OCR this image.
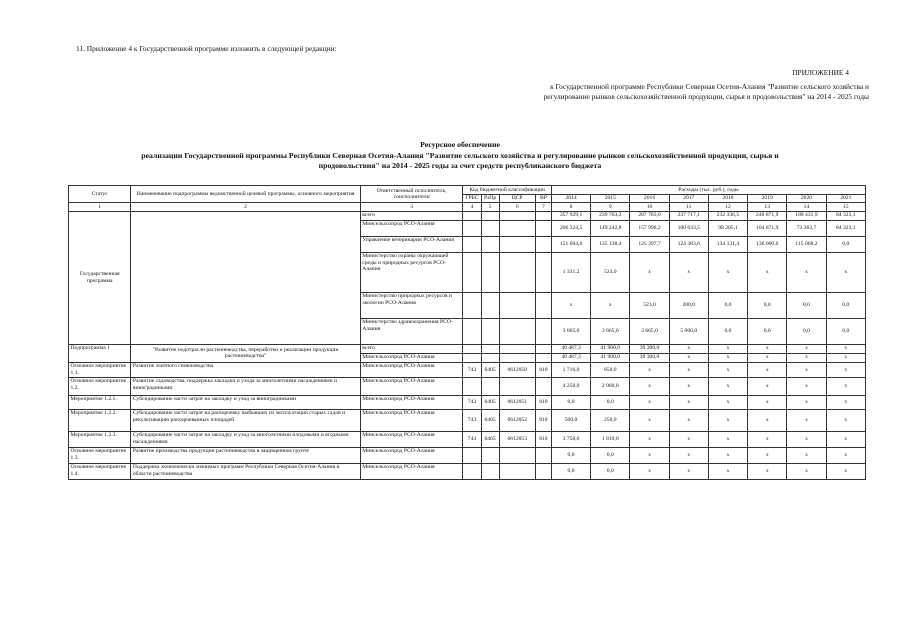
11. Приложение 4 к Государственной программе изложить в следующей редакции:
ПРИЛОЖЕНИЕ 4
к Государственной программе Республики Северная Осетия-Алания "Развитие сельского хозяйства и
регулирование рынков сельскохозяйственной продукции, сырья и продовольствия" на 2014 - 2025 годы
Ресурсное обеспечение
реализации Государственной программы Республики Северная Осетия-Алания "Развитие сельского хозяйства и регулирование рынков сельскохозяйственной продукции, сырья и
продовольствия" на 2014 - 2025 годы за счет средств республиканского бюджета
Статус	Наименование подпрограммы ведомственной целевой программы, основного мероприятия	Ответственный исполнитель, соисполнители	Код бюджетной классификации				Расходы (тыс. руб.), годы							
			ГРБС	РзПр	ЦСР	ВР	2014	2015	2016	2017	2018	2019	2020	2021
1	2	3	4	5	6	7	8	9	10	11	12	13	14	15
Государственная программа		всего					357 929,1	239 763,2	287 783,0	237 717,1	232 336,5	240 871,9	188 431,9	84 323,1
		Минсельхозпрод РСО-Алания					206 324,5	149 242,8	157 998,2	100 633,5	98 205,1	104 871,9	73 363,7	84 323,1
		Управление ветеринарии РСО-Алания					151 604,6	135 138,4	125 397,7	124 383,6	134 131,4	136 000,0	115 068,2	0,0
		Министерство охраны окружающей среды и природных ресурсов РСО-Алания					1 331,2	523,0	x	x	x	x	x	x
		Министерство природных ресурсов и экологии РСО-Алания					x	x	523,0	200,0	0,0	0,0	0,0	0,0
		Министерство здравоохранения РСО-Алания					3 665,0	3 665,0	3 665,0	5 000,0	0,0	0,0	0,0	0,0
Подпрограмма 1	"Развитие подотрасли растениеводства, переработки и реализации продукции растениеводства"	всего					40 487,3	41 900,0	39 300,0	x	x	x	x	x
		Минсельхозпрод РСО-Алания					40 487,3	41 900,0	39 300,0	x	x	x	x	x
Основное мероприятие 1.1.	Развитие элитного семеноводства	Минсельхозпрод РСО-Алания	743	0405	0612050	810	1 716,0	850,0	x	x	x	x	x	x
Основное мероприятие 1.2.	Развитие садоводства, поддержка закладки и ухода за многолетними насаждениями и виноградниками	Минсельхозпрод РСО-Алания					4 250,0	2 060,0	x	x	x	x	x	x
Мероприятие 1.2.1.	Субсидирование части затрат на закладку и уход за виноградниками	Минсельхозпрод РСО-Алания	743	0405	0612051	810	0,0	0,0	x	x	x	x	x	x
Мероприятие 1.2.2.	Субсидирование части затрат на раскорчевку выбывших из эксплуатации старых садов и рекультивацию раскорчеванных площадей	Минсельхозпрод РСО-Алания	743	0405	0612052	810	500,0	250,0	x	x	x	x	x	x
Мероприятие 1.2.3.	Субсидирование части затрат на закладку и уход за многолетними плодовыми и ягодными насаждениями	Минсельхозпрод РСО-Алания	743	0405	0612053	810	3 750,0	1 810,0	x	x	x	x	x	x
Основное мероприятие 1.3.	Развитие производства продукции растениеводства в защищенном грунте	Минсельхозпрод РСО-Алания					0,0	0,0	x	x	x	x	x	x
Основное мероприятие 1.4.	Поддержка экономически значимых программ Республики Северная Осетия-Алания в области растениеводства	Минсельхозпрод РСО-Алания					0,0	0,0	x	x	x	x	x	x
